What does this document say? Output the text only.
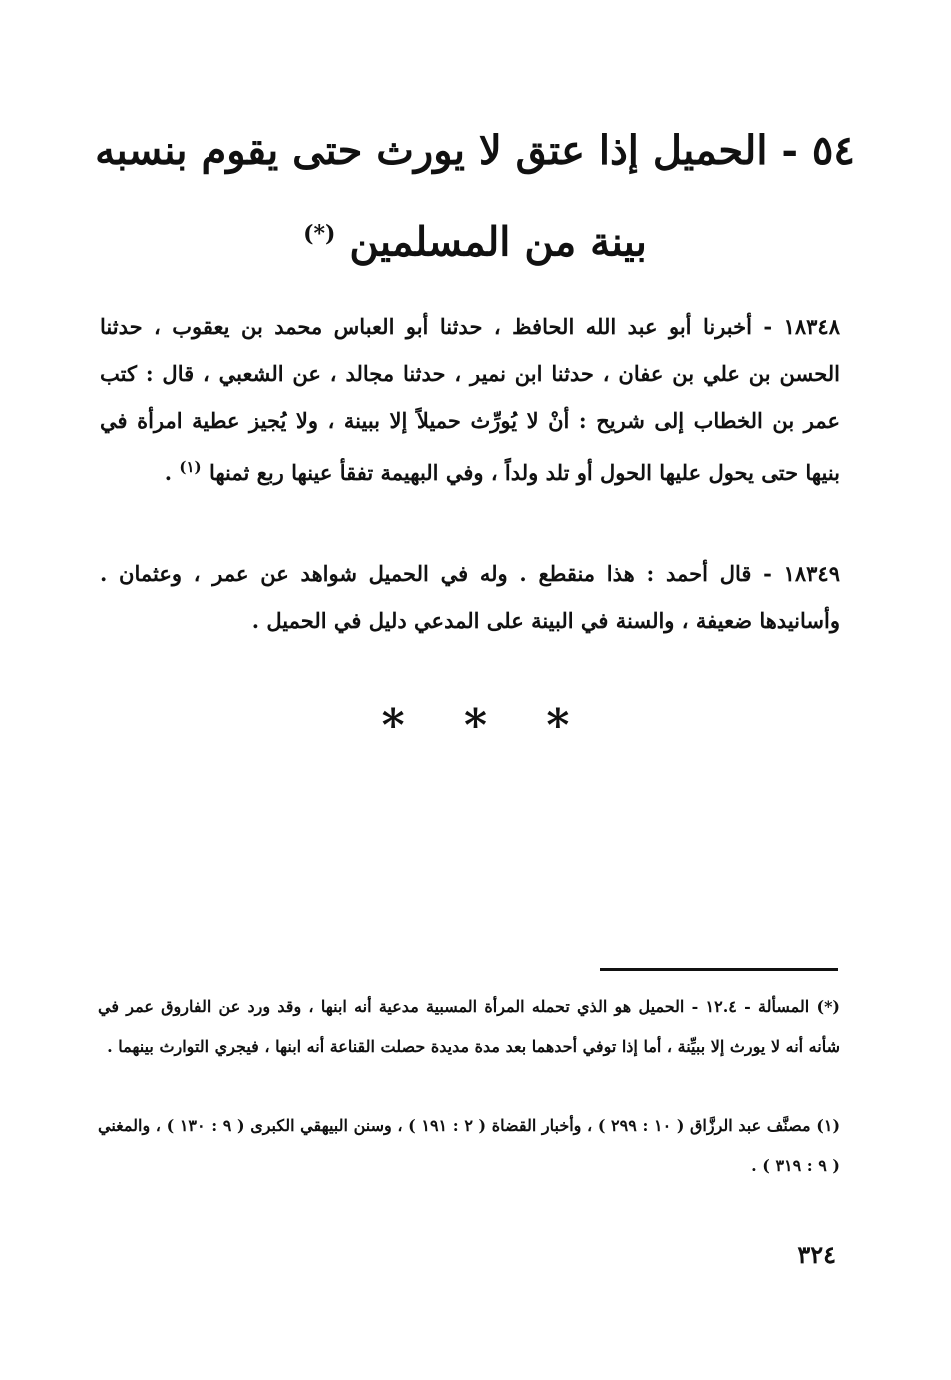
٥٤ - الحميل إذا عتق لا يورث حتى يقوم بنسبه
بينة من المسلمين (*)

١٨٣٤٨ - أخبرنا أبو عبد الله الحافظ ، حدثنا أبو العباس محمد بن يعقوب ، حدثنا الحسن بن علي بن عفان ، حدثنا ابن نمير ، حدثنا مجالد ، عن الشعبي ، قال : كتب عمر بن الخطاب إلى شريح : أنْ لا يُورِّث حميلاً إلا ببينة ، ولا يُجيز عطية امرأة في بنيها حتى يحول عليها الحول أو تلد ولداً ، وفي البهيمة تفقأ عينها ربع ثمنها $^{(١)}$ .

١٨٣٤٩ - قال أحمد : هذا منقطع . وله في الحميل شواهد عن عمر ، وعثمان . وأسانيدها ضعيفة ، والسنة في البينة على المدعي دليل في الحميل .

* * *

(*) المسألة - ١٢.٤ - الحميل هو الذي تحمله المرأة المسبية مدعية أنه ابنها ، وقد ورد عن الفاروق عمر في شأنه أنه لا يورث إلا ببيِّنة ، أما إذا توفي أحدهما بعد مدة مديدة حصلت القناعة أنه ابنها ، فيجري التوارث بينهما .

(١) مصنَّف عبد الرزَّاق ( ١٠ : ٢٩٩ ) ، وأخبار القضاة ( ٢ : ١٩١ ) ، وسنن البيهقي الكبرى ( ٩ : ١٣٠ ) ، والمغني ( ٩ : ٣١٩ ) .

٣٢٤
